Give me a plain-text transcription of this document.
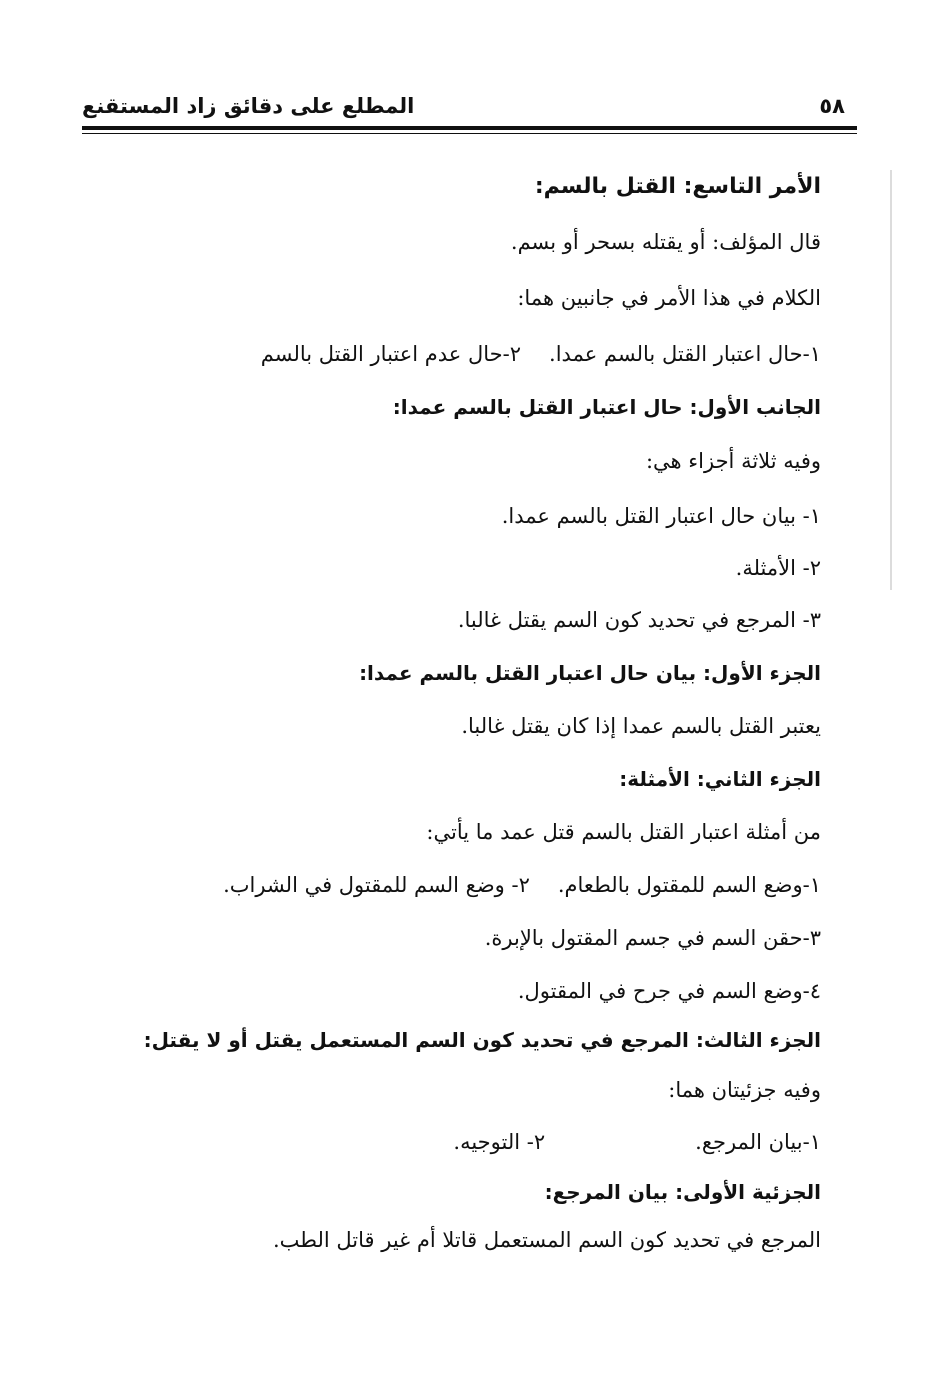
المطلع على دقائق زاد المستقنع	٥٨
الأمر التاسع: القتل بالسم:
قال المؤلف: أو يقتله بسحر أو بسم.
الكلام في هذا الأمر في جانبين هما:
١-حال اعتبار القتل بالسم عمدا.٢-حال عدم اعتبار القتل بالسم
الجانب الأول: حال اعتبار القتل بالسم عمدا:
وفيه ثلاثة أجزاء هي:
١- بيان حال اعتبار القتل بالسم عمدا.
٢- الأمثلة.
٣- المرجع في تحديد كون السم يقتل غالبا.
الجزء الأول: بيان حال اعتبار القتل بالسم عمدا:
يعتبر القتل بالسم عمدا إذا كان يقتل غالبا.
الجزء الثاني: الأمثلة:
من أمثلة اعتبار القتل بالسم قتل عمد ما يأتي:
١-وضع السم للمقتول بالطعام.٢- وضع السم للمقتول في الشراب.
٣-حقن السم في جسم المقتول بالإبرة.
٤-وضع السم في جرح في المقتول.
الجزء الثالث: المرجع في تحديد كون السم المستعمل يقتل أو لا يقتل:
وفيه جزئيتان هما:
١-بيان المرجع.٢- التوجيه.
الجزئية الأولى: بيان المرجع:
المرجع في تحديد كون السم المستعمل قاتلا أم غير قاتل الطب.
